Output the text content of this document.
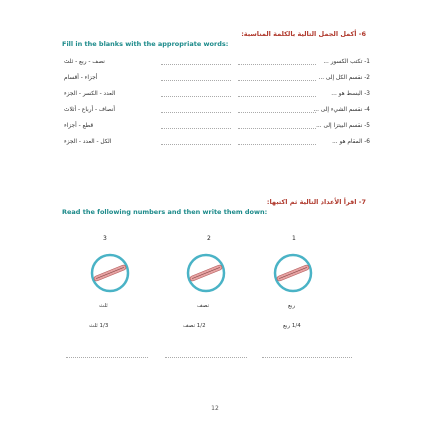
6- أكمل الجمل التالية بالكلمة المناسبة:
Fill in the blanks with the appropriate words:
نصف - ربع - ثلث	1- تكتب الكسور ...
أجزاء - أقسام	2- نقسم الكل إلى ...
العدد - الكسر - الجزء	3- البسط هو ...
أنصاف - أرباع - أثلاث	4- نقسم الشيء إلى ...
قطع - أجزاء	5- نقسم البيتزا إلى ...
الكل - العدد - الجزء	6- المقام هو ...
7- اقرأ الأعداد التالية ثم اكتبها:
Read the following numbers and then write them down:
3	2	1
ثلث	نصف	ربع
1/3 ثلث	1/2 نصف	1/4 ربع
12
